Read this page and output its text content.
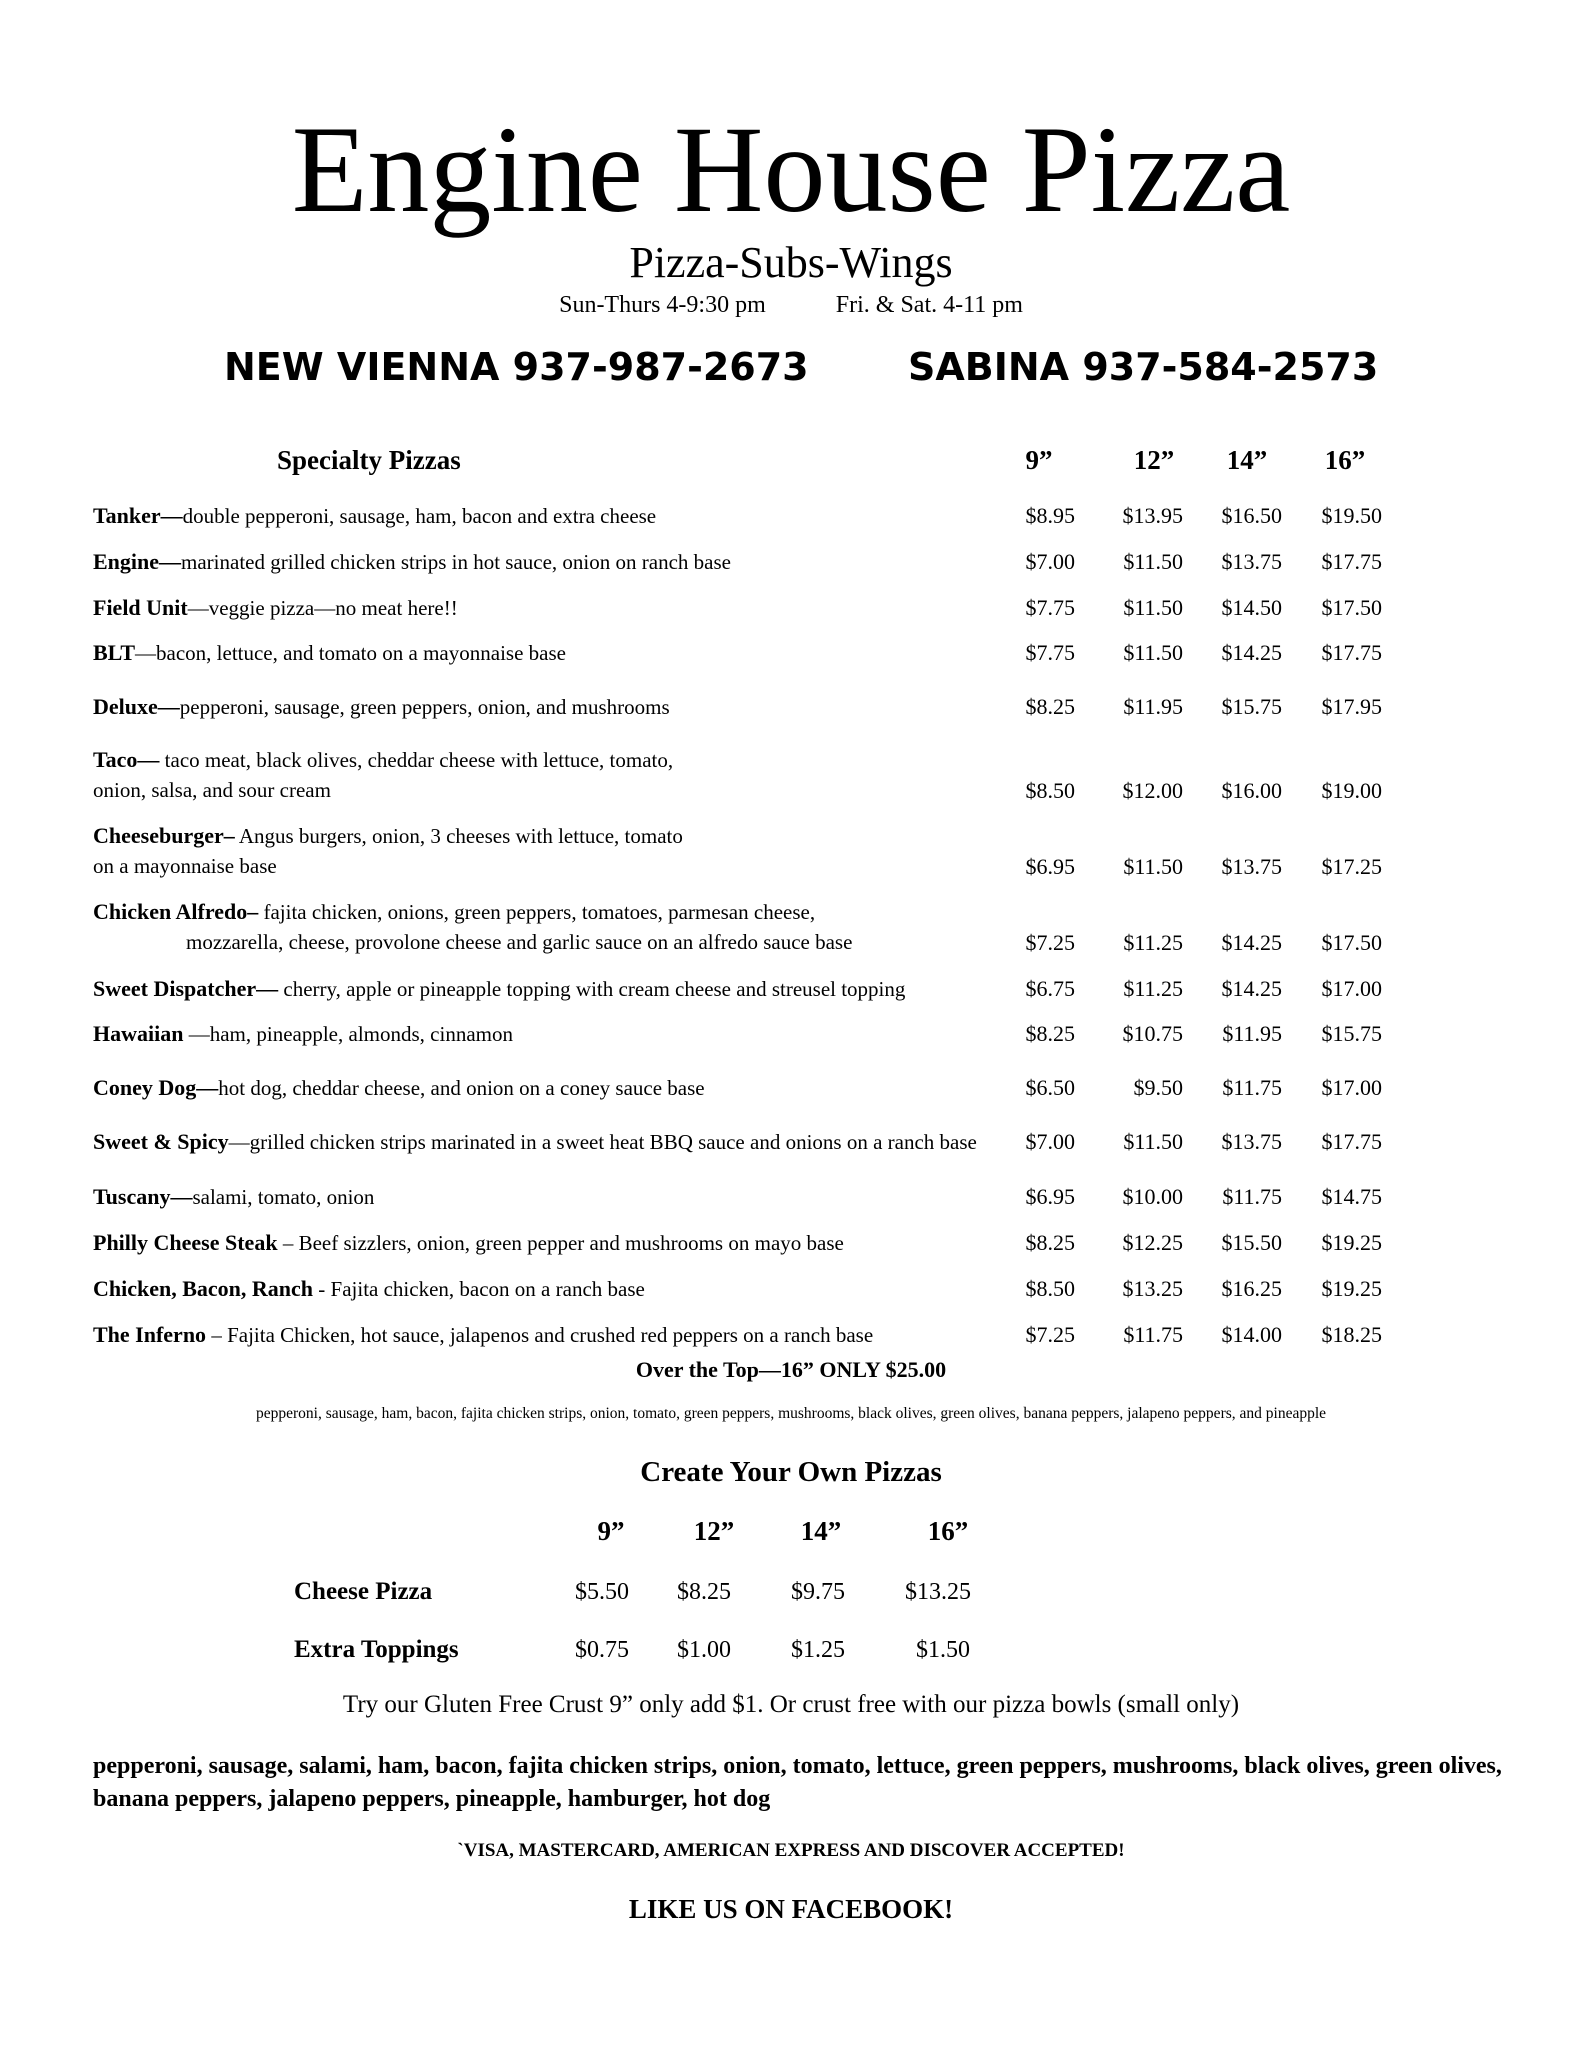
Engine House Pizza
Pizza-Subs-Wings
Sun-Thurs 4-9:30 pm	Fri. & Sat. 4-11 pm
NEW VIENNA 937-987-2673	SABINA 937-584-2573
Specialty Pizzas	9”	12”	14”	16”
Tanker—double pepperoni, sausage, ham, bacon and extra cheese	$8.95	$13.95	$16.50	$19.50
Engine—marinated grilled chicken strips in hot sauce, onion on ranch base	$7.00	$11.50	$13.75	$17.75
Field Unit—veggie pizza—no meat here!!	$7.75	$11.50	$14.50	$17.50
BLT—bacon, lettuce, and tomato on a mayonnaise base	$7.75	$11.50	$14.25	$17.75
Deluxe—pepperoni, sausage, green peppers, onion, and mushrooms	$8.25	$11.95	$15.75	$17.95
Taco— taco meat, black olives, cheddar cheese with lettuce, tomato,
onion, salsa, and sour cream	$8.50	$12.00	$16.00	$19.00
Cheeseburger– Angus burgers, onion, 3 cheeses with lettuce, tomato
on a mayonnaise base	$6.95	$11.50	$13.75	$17.25
Chicken Alfredo– fajita chicken, onions, green peppers, tomatoes, parmesan cheese,
mozzarella, cheese, provolone cheese and garlic sauce on an alfredo sauce base	$7.25	$11.25	$14.25	$17.50
Sweet Dispatcher— cherry, apple or pineapple topping with cream cheese and streusel topping	$6.75	$11.25	$14.25	$17.00
Hawaiian —ham, pineapple, almonds, cinnamon	$8.25	$10.75	$11.95	$15.75
Coney Dog—hot dog, cheddar cheese, and onion on a coney sauce base	$6.50	$9.50	$11.75	$17.00
Sweet & Spicy—grilled chicken strips marinated in a sweet heat BBQ sauce and onions on a ranch base	$7.00	$11.50	$13.75	$17.75
Tuscany—salami, tomato, onion	$6.95	$10.00	$11.75	$14.75
Philly Cheese Steak – Beef sizzlers, onion, green pepper and mushrooms on mayo base	$8.25	$12.25	$15.50	$19.25
Chicken, Bacon, Ranch - Fajita chicken, bacon on a ranch base	$8.50	$13.25	$16.25	$19.25
The Inferno – Fajita Chicken, hot sauce, jalapenos and crushed red peppers on a ranch base	$7.25	$11.75	$14.00	$18.25
Over the Top—16” ONLY $25.00
pepperoni, sausage, ham, bacon, fajita chicken strips, onion, tomato, green peppers, mushrooms, black olives, green olives, banana peppers, jalapeno peppers, and pineapple
Create Your Own Pizzas
9”	12”	14”	16”
Cheese Pizza	$5.50	$8.25	$9.75	$13.25
Extra Toppings	$0.75	$1.00	$1.25	$1.50
Try our Gluten Free Crust 9” only add $1. Or crust free with our pizza bowls (small only)
pepperoni, sausage, salami, ham, bacon, fajita chicken strips, onion, tomato, lettuce, green peppers, mushrooms, black olives, green olives, banana peppers, jalapeno peppers, pineapple, hamburger, hot dog
`VISA, MASTERCARD, AMERICAN EXPRESS AND DISCOVER ACCEPTED!
LIKE US ON FACEBOOK!
